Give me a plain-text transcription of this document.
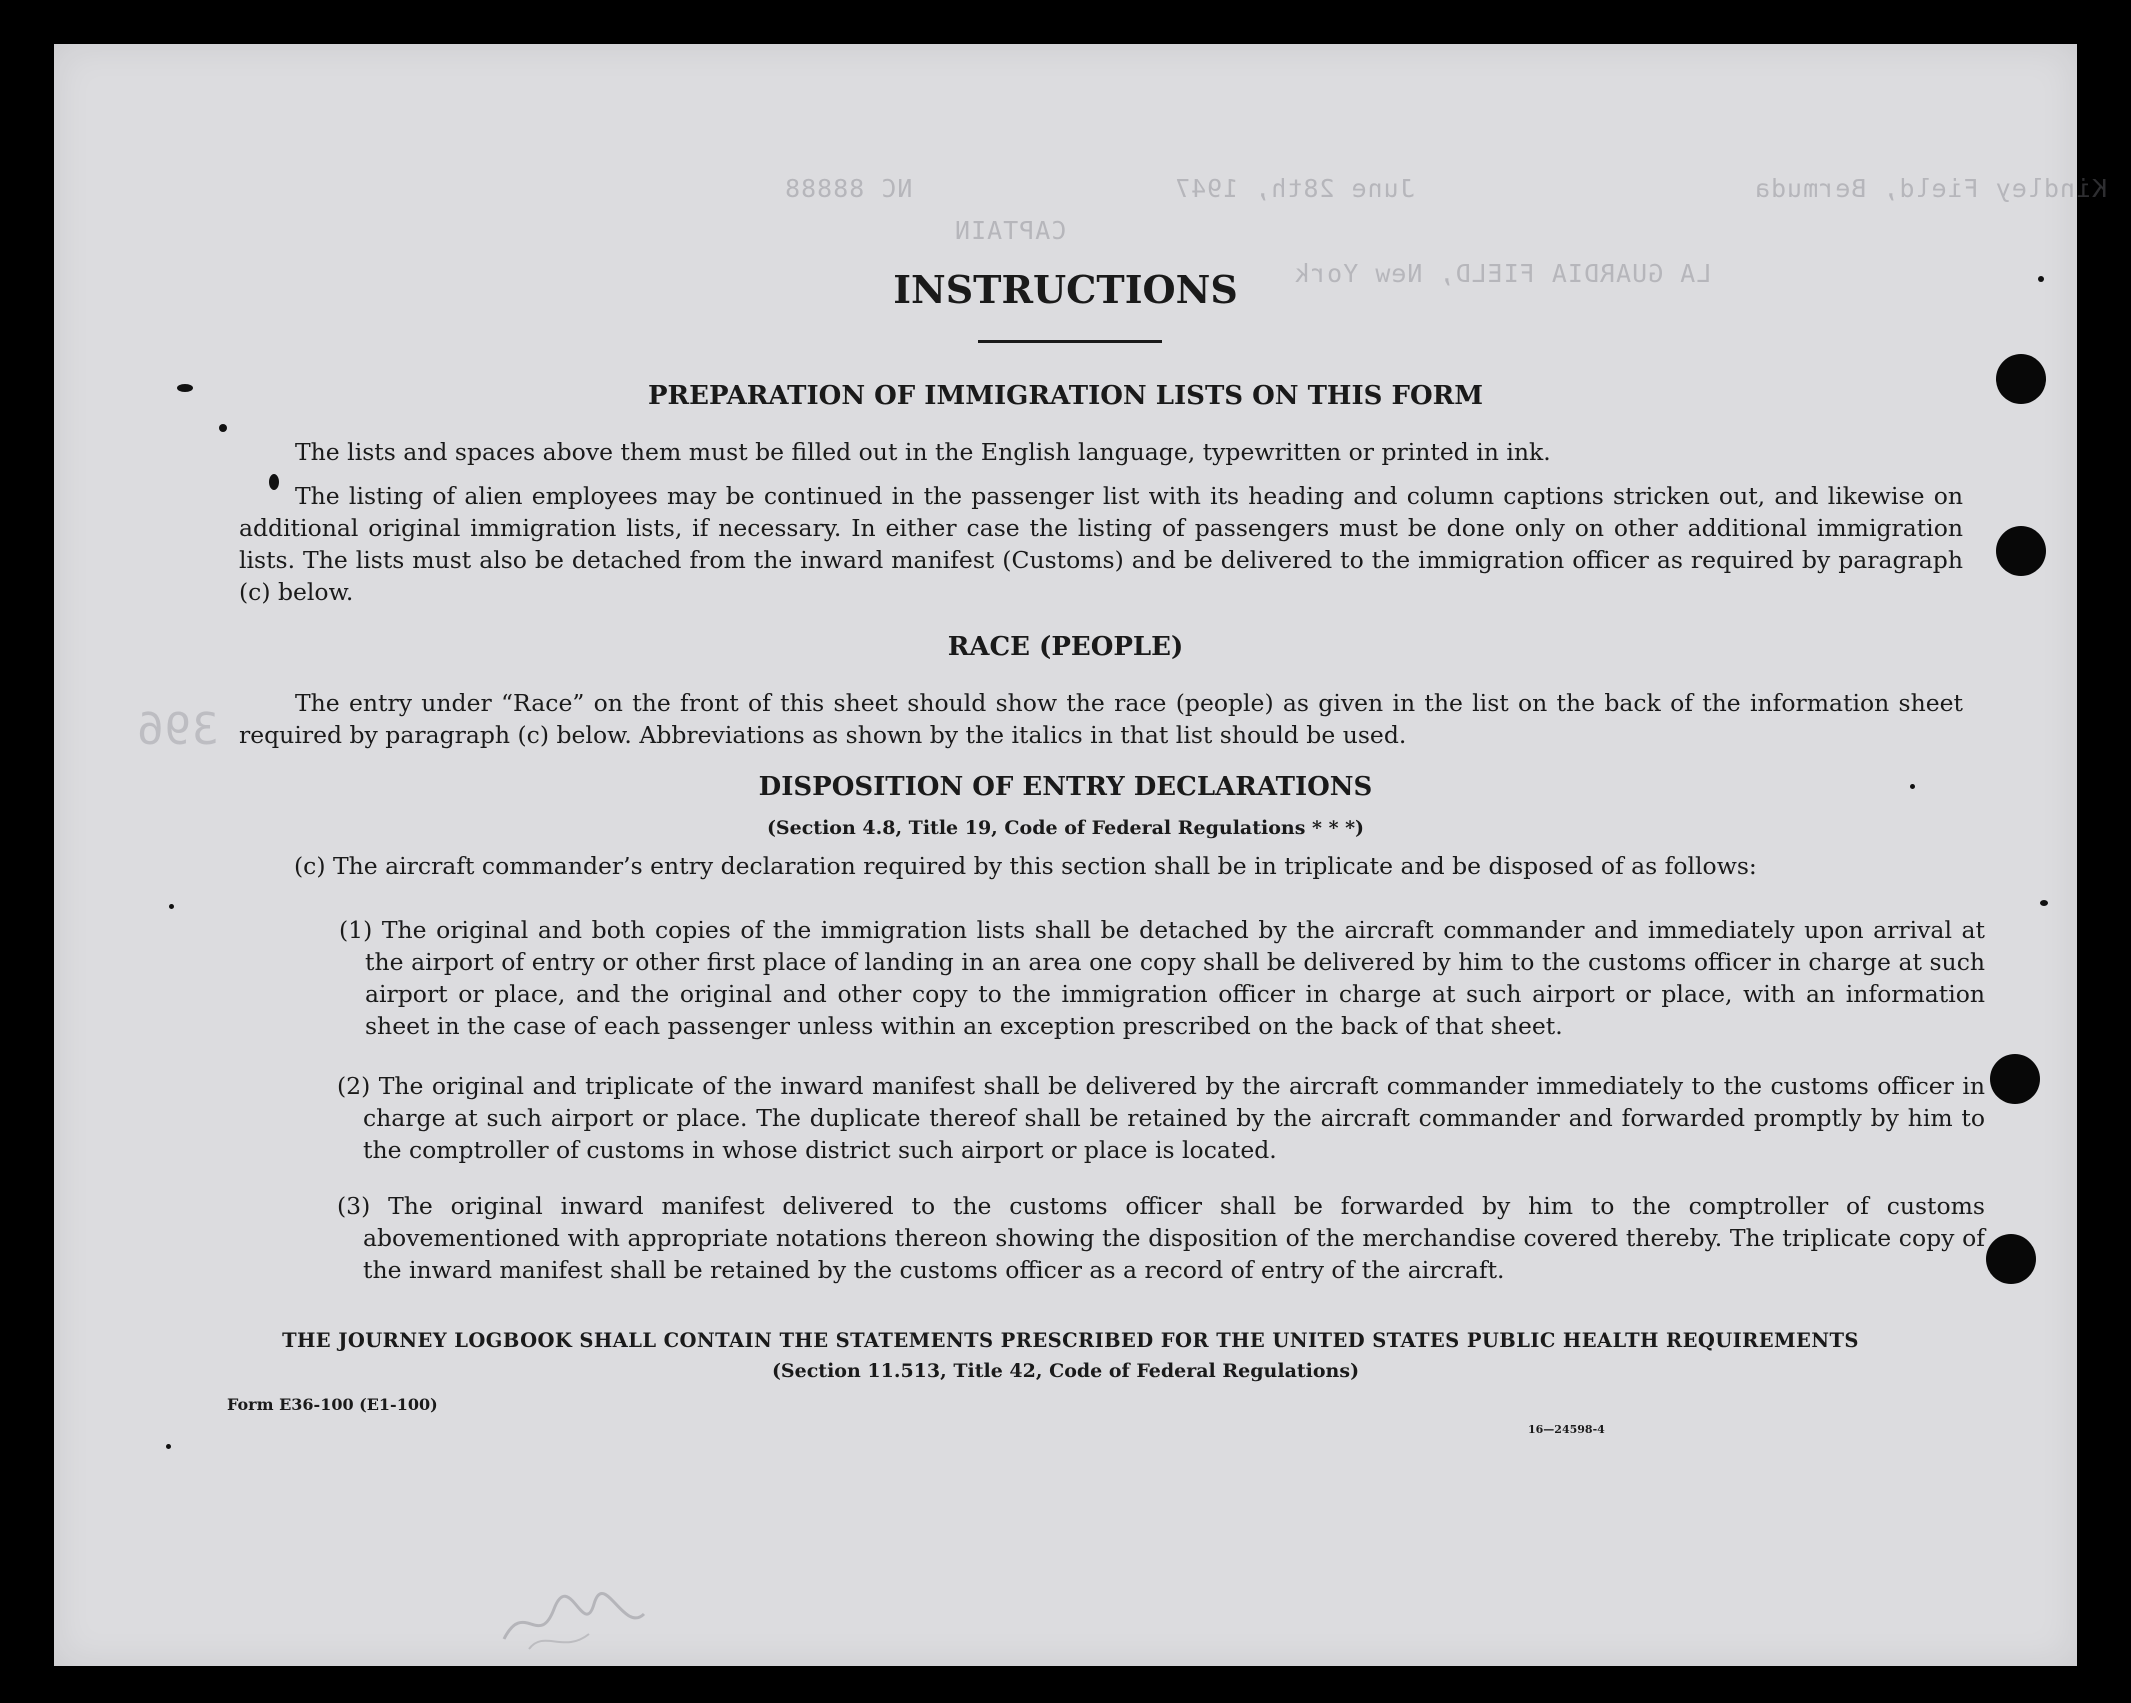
Kindley Field, Bermuda
June 28th, 1947
NC 88888
LA GUARDIA FIELD, New York
CAPTAIN
396
INSTRUCTIONS
PREPARATION OF IMMIGRATION LISTS ON THIS FORM
The lists and spaces above them must be filled out in the English language, typewritten or printed in ink.
The listing of alien employees may be continued in the passenger list with its heading and column captions stricken out, and likewise on additional original immigration lists, if necessary. In either case the listing of passengers must be done only on other additional immigration lists. The lists must also be detached from the inward manifest (Customs) and be delivered to the immigration officer as required by paragraph (c) below.
RACE (PEOPLE)
The entry under “Race” on the front of this sheet should show the race (people) as given in the list on the back of the information sheet required by paragraph (c) below. Abbreviations as shown by the italics in that list should be used.
DISPOSITION OF ENTRY DECLARATIONS
(Section 4.8, Title 19, Code of Federal Regulations * * *)
(c) The aircraft commander’s entry declaration required by this section shall be in triplicate and be disposed of as follows:
(1) The original and both copies of the immigration lists shall be detached by the aircraft commander and immediately upon arrival at the airport of entry or other first place of landing in an area one copy shall be delivered by him to the customs officer in charge at such airport or place, and the original and other copy to the immigration officer in charge at such airport or place, with an information sheet in the case of each passenger unless within an exception prescribed on the back of that sheet.
(2) The original and triplicate of the inward manifest shall be delivered by the aircraft commander immediately to the customs officer in charge at such airport or place. The duplicate thereof shall be retained by the aircraft commander and forwarded promptly by him to the comptroller of customs in whose district such airport or place is located.
(3) The original inward manifest delivered to the customs officer shall be forwarded by him to the comptroller of customs abovementioned with appropriate notations thereon showing the disposition of the merchandise covered thereby. The triplicate copy of the inward manifest shall be retained by the customs officer as a record of entry of the aircraft.
THE JOURNEY LOGBOOK SHALL CONTAIN THE STATEMENTS PRESCRIBED FOR THE UNITED STATES PUBLIC HEALTH REQUIREMENTS
(Section 11.513, Title 42, Code of Federal Regulations)
Form E36-100 (E1-100)
16—24598-4
